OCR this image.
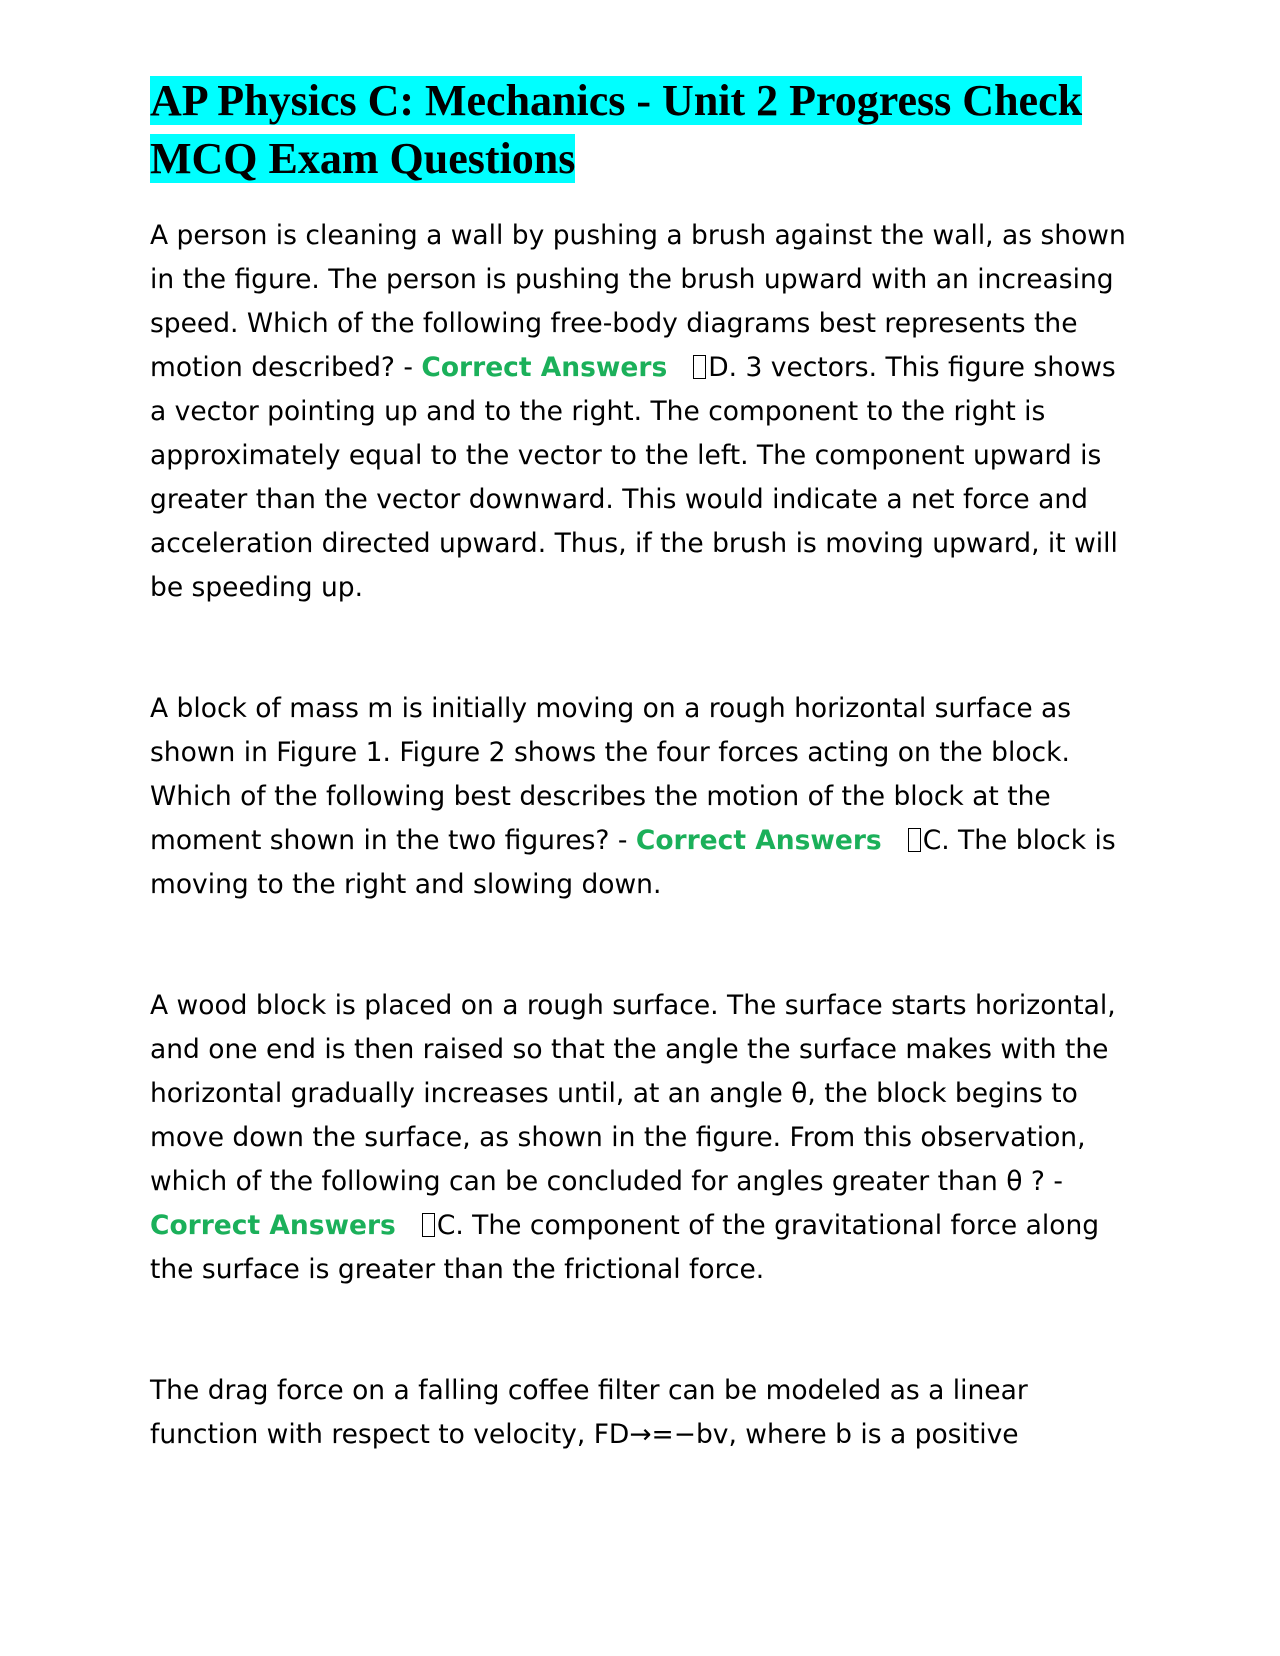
AP Physics C: Mechanics - Unit 2 Progress Check MCQ Exam Questions

A person is cleaning a wall by pushing a brush against the wall, as shown in the figure. The person is pushing the brush upward with an increasing speed. Which of the following free-body diagrams best represents the motion described? - Correct Answers D. 3 vectors. This figure shows a vector pointing up and to the right. The component to the right is approximately equal to the vector to the left. The component upward is greater than the vector downward. This would indicate a net force and acceleration directed upward. Thus, if the brush is moving upward, it will be speeding up.

A block of mass m is initially moving on a rough horizontal surface as shown in Figure 1. Figure 2 shows the four forces acting on the block. Which of the following best describes the motion of the block at the moment shown in the two figures? - Correct Answers C. The block is moving to the right and slowing down.

A wood block is placed on a rough surface. The surface starts horizontal, and one end is then raised so that the angle the surface makes with the horizontal gradually increases until, at an angle θ, the block begins to move down the surface, as shown in the figure. From this observation, which of the following can be concluded for angles greater than θ ? - Correct Answers C. The component of the gravitational force along the surface is greater than the frictional force.

The drag force on a falling coffee filter can be modeled as a linear function with respect to velocity, FD→=−bv, where b is a positive
